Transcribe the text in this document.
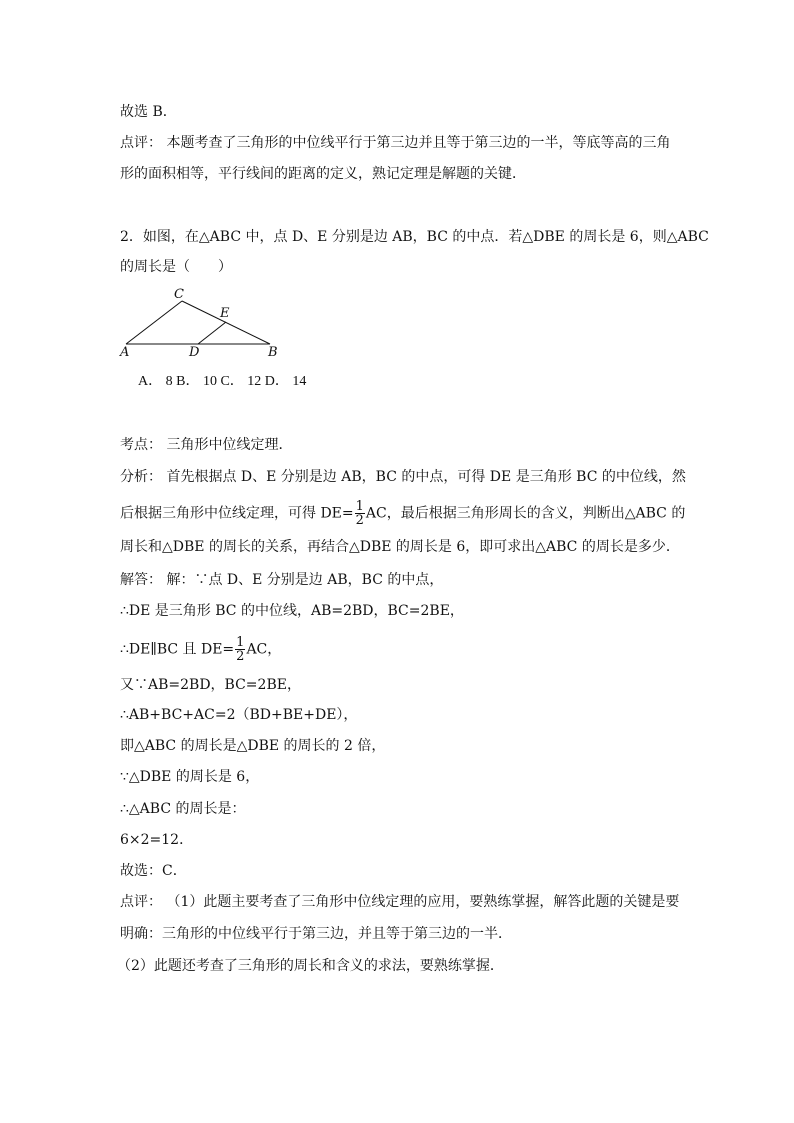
故选 B．
点评： 本题考查了三角形的中位线平行于第三边并且等于第三边的一半，等底等高的三角
形的面积相等，平行线间的距离的定义，熟记定理是解题的关键．
2．如图，在△ABC 中，点 D、E 分别是边 AB，BC 的中点．若△DBE 的周长是 6，则△ABC
的周长是（　　）
C
E
A	D	B
A． 8 B． 10 C． 12 D． 14
考点： 三角形中位线定理．
分析： 首先根据点 D、E 分别是边 AB，BC 的中点，可得 DE 是三角形 BC 的中位线，然
后根据三角形中位线定理，可得 $DE= \frac{1}{2}$ AC，最后根据三角形周长的含义，判断出△ABC 的
周长和△DBE 的周长的关系，再结合△DBE 的周长是 6，即可求出△ABC 的周长是多少．
解答： 解：∵点 D、E 分别是边 AB，BC 的中点，
∴DE 是三角形 BC 的中位线，AB=2BD，BC=2BE，
∴DE∥BC 且 $DE= \frac{1}{2}$ AC，
又∵AB=2BD，BC=2BE，
∴AB+BC+AC=2（BD+BE+DE），
即△ABC 的周长是△DBE 的周长的 2 倍，
∵△DBE 的周长是 6，
∴△ABC 的周长是：
6×2=12．
故选：C．
点评： （1）此题主要考查了三角形中位线定理的应用，要熟练掌握，解答此题的关键是要
明确：三角形的中位线平行于第三边，并且等于第三边的一半．
（2）此题还考查了三角形的周长和含义的求法，要熟练掌握．
